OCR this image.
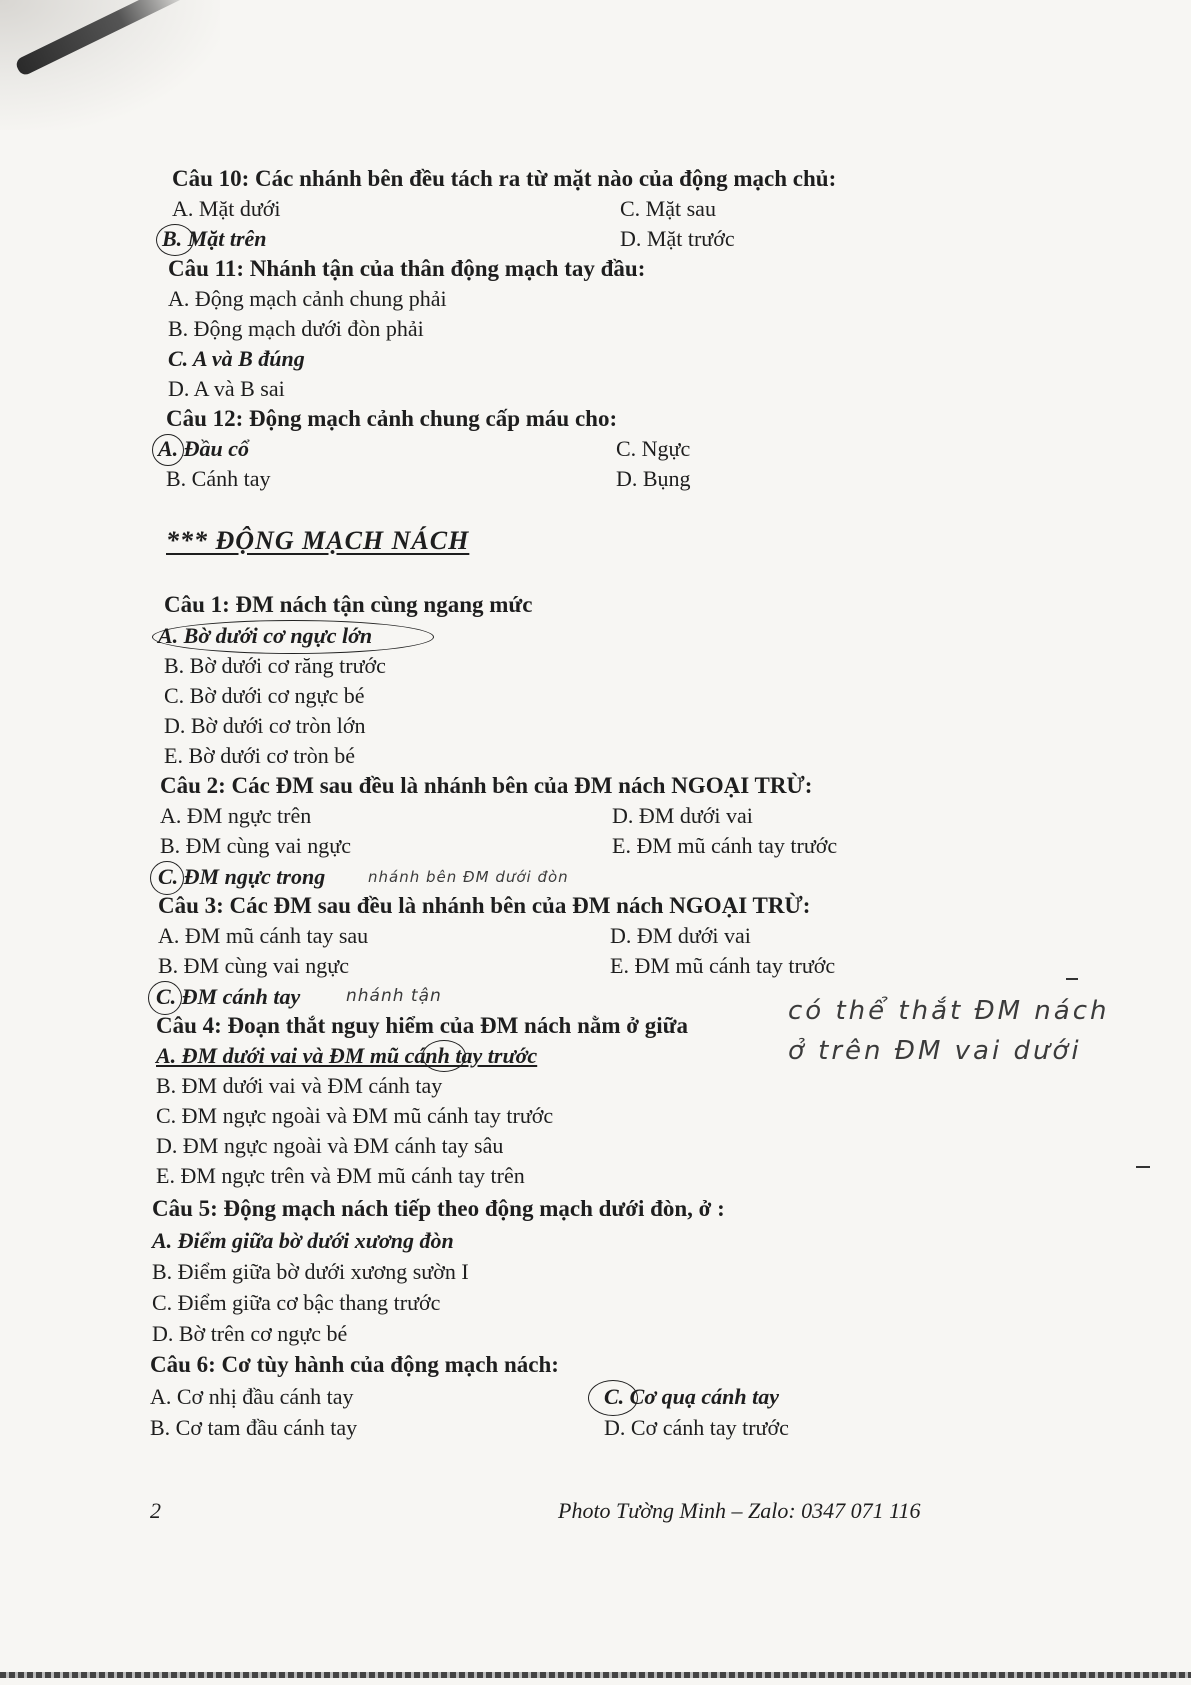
Câu 10: Các nhánh bên đều tách ra từ mặt nào của động mạch chủ:
A. Mặt dưới	C. Mặt sau
B. Mặt trên	D. Mặt trước
Câu 11: Nhánh tận của thân động mạch tay đầu:
A. Động mạch cảnh chung phải
B. Động mạch dưới đòn phải
C. A và B đúng
D. A và B sai
Câu 12: Động mạch cảnh chung cấp máu cho:
A. Đầu cổ	C. Ngực
B. Cánh tay	D. Bụng
*** ĐỘNG MẠCH NÁCH
Câu 1: ĐM nách tận cùng ngang mức
A. Bờ dưới cơ ngực lớn
B. Bờ dưới cơ răng trước
C. Bờ dưới cơ ngực bé
D. Bờ dưới cơ tròn lớn
E. Bờ dưới cơ tròn bé
Câu 2: Các ĐM sau đều là nhánh bên của ĐM nách NGOẠI TRỪ:
A. ĐM ngực trên	D. ĐM dưới vai
B. ĐM cùng vai ngực	E. ĐM mũ cánh tay trước
C. ĐM ngực trong	nhánh bên ĐM dưới đòn
Câu 3: Các ĐM sau đều là nhánh bên của ĐM nách NGOẠI TRỪ:
A. ĐM mũ cánh tay sau	D. ĐM dưới vai
B. ĐM cùng vai ngực	E. ĐM mũ cánh tay trước
C. ĐM cánh tay	nhánh tận
Câu 4: Đoạn thắt nguy hiểm của ĐM nách nằm ở giữa	có thể thắt ĐM nách
ở trên ĐM vai dưới
A. ĐM dưới vai và ĐM mũ cánh tay trước
B. ĐM dưới vai và ĐM cánh tay
C. ĐM ngực ngoài và ĐM mũ cánh tay trước
D. ĐM ngực ngoài và ĐM cánh tay sâu
E. ĐM ngực trên và ĐM mũ cánh tay trên
Câu 5: Động mạch nách tiếp theo động mạch dưới đòn, ở :
A. Điểm giữa bờ dưới xương đòn
B. Điểm giữa bờ dưới xương sườn I
C. Điểm giữa cơ bậc thang trước
D. Bờ trên cơ ngực bé
Câu 6: Cơ tùy hành của động mạch nách:
A. Cơ nhị đầu cánh tay	C. Cơ quạ cánh tay
B. Cơ tam đầu cánh tay	D. Cơ cánh tay trước
2	Photo Tường Minh – Zalo: 0347 071 116
